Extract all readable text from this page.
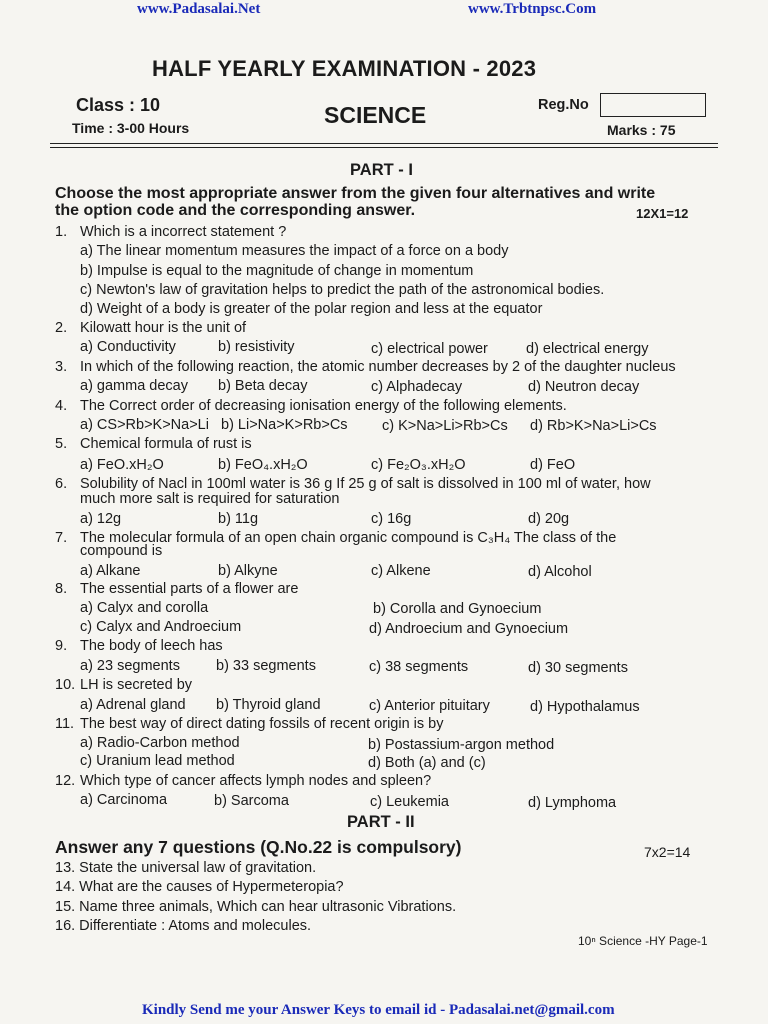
www.Padasalai.Net	www.Trbtnpsc.Com
HALF YEARLY EXAMINATION - 2023
Class : 10
Time : 3-00 Hours	SCIENCE	Reg.No
Marks : 75
PART - I
Choose the most appropriate answer from the given four alternatives and write
the option code and the corresponding answer.	12X1=12
1. Which is a incorrect statement ?
a) The linear momentum measures the impact of a force on a body
b) Impulse is equal to the magnitude of change in momentum
c) Newton's law of gravitation helps to predict the path of the astronomical bodies.
d) Weight of a body is greater of the polar region and less at the equator
2. Kilowatt hour is the unit of
a) Conductivity	b) resistivity	c) electrical power	d) electrical energy
3. In which of the following reaction, the atomic number decreases by 2 of the daughter nucleus
a) gamma decay b) Beta decay	c) Alphadecay	d) Neutron decay
4. The Correct order of decreasing ionisation energy of the following elements.
a) CS>Rb>K>Na>Li b) Li>Na>K>Rb>Cs c) K>Na>Li>Rb>Cs d) Rb>K>Na>Li>Cs
5. Chemical formula of rust is
a) FeO.xH₂O	b) FeO₄.xH₂O	c) Fe₂O₃.xH₂O	d) FeO
6. Solubility of Nacl in 100ml water is 36 g If 25 g of salt is dissolved in 100 ml of water, how
much more salt is required for saturation
a) 12g	b) 11g	c) 16g	d) 20g
7. The molecular formula of an open chain organic compound is C₃H₄ The class of the
compound is
a) Alkane	b) Alkyne	c) Alkene	d) Alcohol
8. The essential parts of a flower are
a) Calyx and corolla	b) Corolla and Gynoecium
c) Calyx and Androecium	d) Androecium and Gynoecium
9. The body of leech has
a) 23 segments b) 33 segments	c) 38 segments	d) 30 segments
10. LH is secreted by
a) Adrenal gland b) Thyroid gland	c) Anterior pituitary	d) Hypothalamus
11. The best way of direct dating fossils of recent origin is by
a) Radio-Carbon method	b) Postassium-argon method
c) Uranium lead method	d) Both (a) and (c)
12. Which type of cancer affects lymph nodes and spleen?
a) Carcinoma	b) Sarcoma	c) Leukemia	d) Lymphoma
PART - II
Answer any 7 questions (Q.No.22 is compulsory)	7x2=14
13. State the universal law of gravitation.
14. What are the causes of Hypermeteropia?
15. Name three animals, Which can hear ultrasonic Vibrations.
16. Differentiate : Atoms and molecules.
10ⁿ Science -HY Page-1
Kindly Send me your Answer Keys to email id - Padasalai.net@gmail.com
